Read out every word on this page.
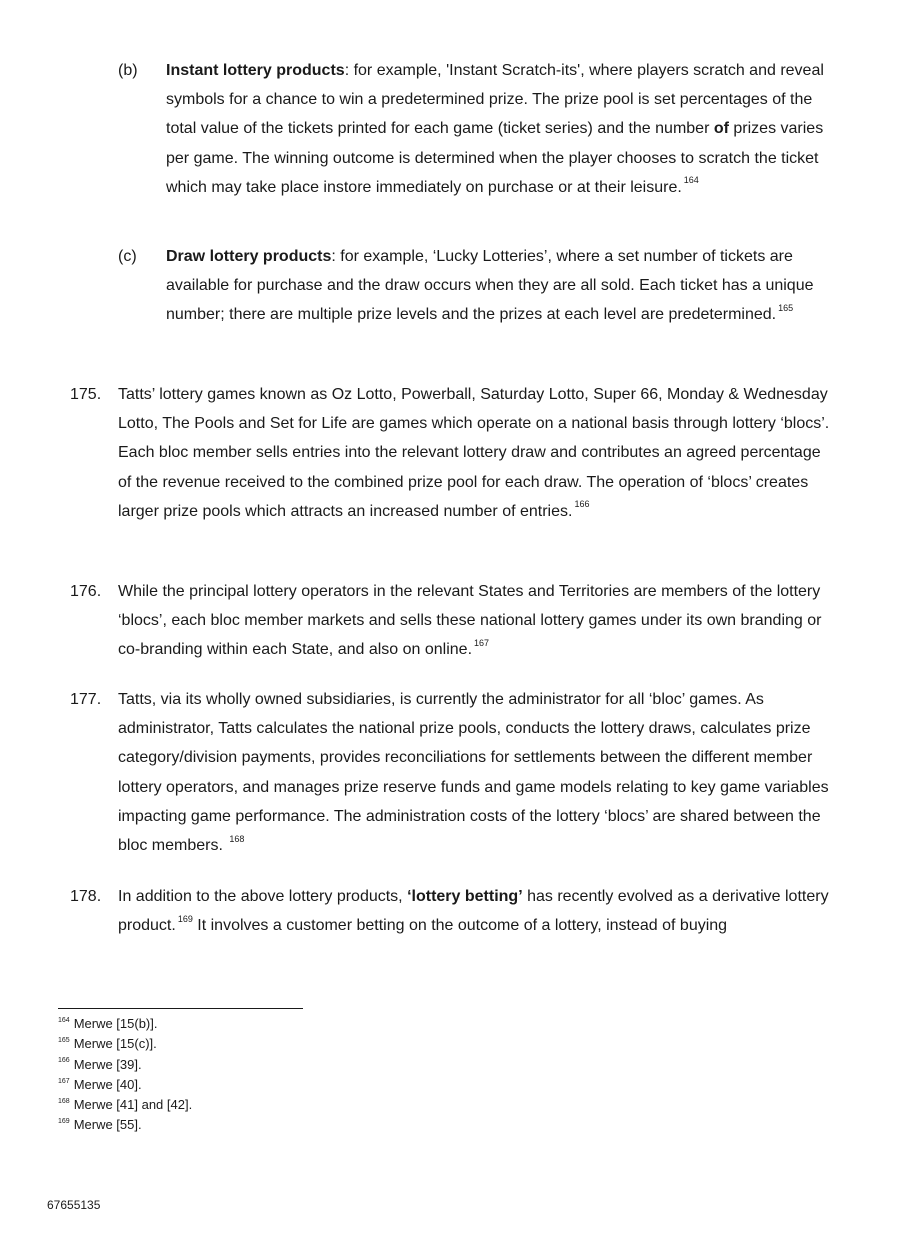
(b) Instant lottery products: for example, 'Instant Scratch-its', where players scratch and reveal symbols for a chance to win a predetermined prize. The prize pool is set percentages of the total value of the tickets printed for each game (ticket series) and the number of prizes varies per game. The winning outcome is determined when the player chooses to scratch the ticket which may take place instore immediately on purchase or at their leisure. $^{164}$
(c) Draw lottery products: for example, ‘Lucky Lotteries’, where a set number of tickets are available for purchase and the draw occurs when they are all sold. Each ticket has a unique number; there are multiple prize levels and the prizes at each level are predetermined. $^{165}$
175. Tatts’ lottery games known as Oz Lotto, Powerball, Saturday Lotto, Super 66, Monday & Wednesday Lotto, The Pools and Set for Life are games which operate on a national basis through lottery ‘blocs’. Each bloc member sells entries into the relevant lottery draw and contributes an agreed percentage of the revenue received to the combined prize pool for each draw. The operation of ‘blocs’ creates larger prize pools which attracts an increased number of entries. $^{166}$
176. While the principal lottery operators in the relevant States and Territories are members of the lottery ‘blocs’, each bloc member markets and sells these national lottery games under its own branding or co-branding within each State, and also on online. $^{167}$
177. Tatts, via its wholly owned subsidiaries, is currently the administrator for all ‘bloc’ games. As administrator, Tatts calculates the national prize pools, conducts the lottery draws, calculates prize category/division payments, provides reconciliations for settlements between the different member lottery operators, and manages prize reserve funds and game models relating to key game variables impacting game performance. The administration costs of the lottery ‘blocs’ are shared between the bloc members. $^{168}$
178. In addition to the above lottery products, ‘lottery betting’ has recently evolved as a derivative lottery product. $^{169}$ It involves a customer betting on the outcome of a lottery, instead of buying
$^{164}$ Merwe [15(b)].
$^{165}$ Merwe [15(c)].
$^{166}$ Merwe [39].
$^{167}$ Merwe [40].
$^{168}$ Merwe [41] and [42].
$^{169}$ Merwe [55].
67655135
